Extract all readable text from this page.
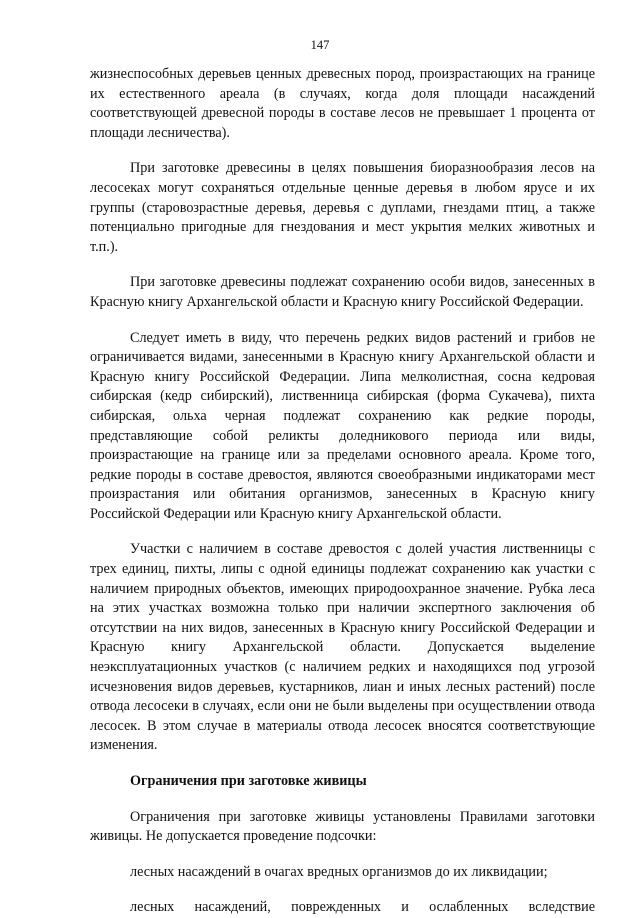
147

жизнеспособных деревьев ценных древесных пород, произрастающих на границе их естественного ареала (в случаях, когда доля площади насаждений соответствующей древесной породы в составе лесов не превышает 1 процента от площади лесничества).

При заготовке древесины в целях повышения биоразнообразия лесов на лесосеках могут сохраняться отдельные ценные деревья в любом ярусе и их группы (старовозрастные деревья, деревья с дуплами, гнездами птиц, а также потенциально пригодные для гнездования и мест укрытия мелких животных и т.п.).

При заготовке древесины подлежат сохранению особи видов, занесенных в Красную книгу Архангельской области и Красную книгу Российской Федерации.

Следует иметь в виду, что перечень редких видов растений и грибов не ограничивается видами, занесенными в Красную книгу Архангельской области и Красную книгу Российской Федерации. Липа мелколистная, сосна кедровая сибирская (кедр сибирский), лиственница сибирская (форма Сукачева), пихта сибирская, ольха черная подлежат сохранению как редкие породы, представляющие собой реликты доледникового периода или виды, произрастающие на границе или за пределами основного ареала. Кроме того, редкие породы в составе древостоя, являются своеобразными индикаторами мест произрастания или обитания организмов, занесенных в Красную книгу Российской Федерации или Красную книгу Архангельской области.

Участки с наличием в составе древостоя с долей участия лиственницы с трех единиц, пихты, липы с одной единицы подлежат сохранению как участки с наличием природных объектов, имеющих природоохранное значение. Рубка леса на этих участках возможна только при наличии экспертного заключения об отсутствии на них видов, занесенных в Красную книгу Российской Федерации и Красную книгу Архангельской области. Допускается выделение неэксплуатационных участков (с наличием редких и находящихся под угрозой исчезновения видов деревьев, кустарников, лиан и иных лесных растений) после отвода лесосеки в случаях, если они не были выделены при осуществлении отвода лесосек. В этом случае в материалы отвода лесосек вносятся соответствующие изменения.

Ограничения при заготовке живицы

Ограничения при заготовке живицы установлены Правилами заготовки живицы. Не допускается проведение подсочки:

лесных насаждений в очагах вредных организмов до их ликвидации;

лесных насаждений, поврежденных и ослабленных вследствие
